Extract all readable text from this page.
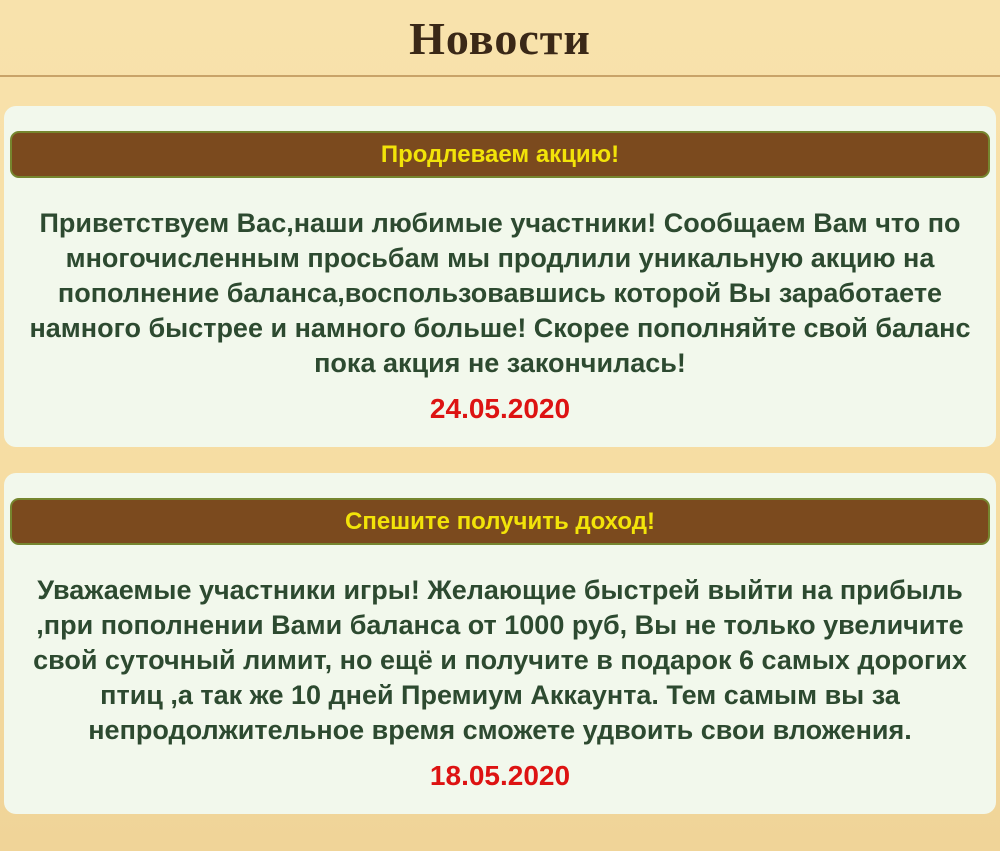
Новости
Продлеваем акцию!
Приветствуем Вас,наши любимые участники! Сообщаем Вам что по многочисленным просьбам мы продлили уникальную акцию на пополнение баланса,воспользовавшись которой Вы заработаете намного быстрее и намного больше! Скорее пополняйте свой баланс пока акция не закончилась!
24.05.2020
Спешите получить доход!
Уважаемые участники игры! Желающие быстрей выйти на прибыль ,при пополнении Вами баланса от 1000 руб, Вы не только увеличите свой суточный лимит, но ещё и получите в подарок 6 самых дорогих птиц ,а так же 10 дней Премиум Аккаунта. Тем самым вы за непродолжительное время сможете удвоить свои вложения.
18.05.2020
